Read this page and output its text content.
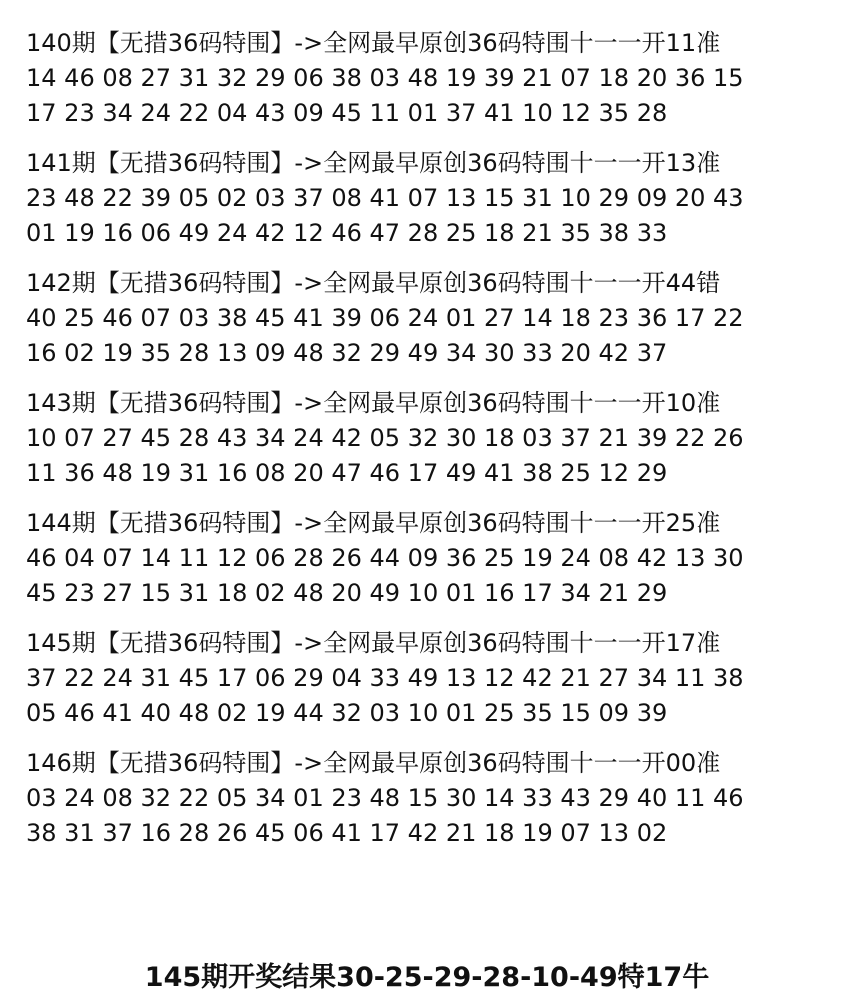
140期【无措36码特围】->全网最早原创36码特围十一一开11准
14 46 08 27 31 32 29 06 38 03 48 19 39 21 07 18 20 36 15
17 23 34 24 22 04 43 09 45 11 01 37 41 10 12 35 28
141期【无措36码特围】->全网最早原创36码特围十一一开13准
23 48 22 39 05 02 03 37 08 41 07 13 15 31 10 29 09 20 43
01 19 16 06 49 24 42 12 46 47 28 25 18 21 35 38 33
142期【无措36码特围】->全网最早原创36码特围十一一开44错
40 25 46 07 03 38 45 41 39 06 24 01 27 14 18 23 36 17 22
16 02 19 35 28 13 09 48 32 29 49 34 30 33 20 42 37
143期【无措36码特围】->全网最早原创36码特围十一一开10准
10 07 27 45 28 43 34 24 42 05 32 30 18 03 37 21 39 22 26
11 36 48 19 31 16 08 20 47 46 17 49 41 38 25 12 29
144期【无措36码特围】->全网最早原创36码特围十一一开25准
46 04 07 14 11 12 06 28 26 44 09 36 25 19 24 08 42 13 30
45 23 27 15 31 18 02 48 20 49 10 01 16 17 34 21 29
145期【无措36码特围】->全网最早原创36码特围十一一开17准
37 22 24 31 45 17 06 29 04 33 49 13 12 42 21 27 34 11 38
05 46 41 40 48 02 19 44 32 03 10 01 25 35 15 09 39
146期【无措36码特围】->全网最早原创36码特围十一一开00准
03 24 08 32 22 05 34 01 23 48 15 30 14 33 43 29 40 11 46
38 31 37 16 28 26 45 06 41 17 42 21 18 19 07 13 02
145期开奖结果30-25-29-28-10-49特17牛
